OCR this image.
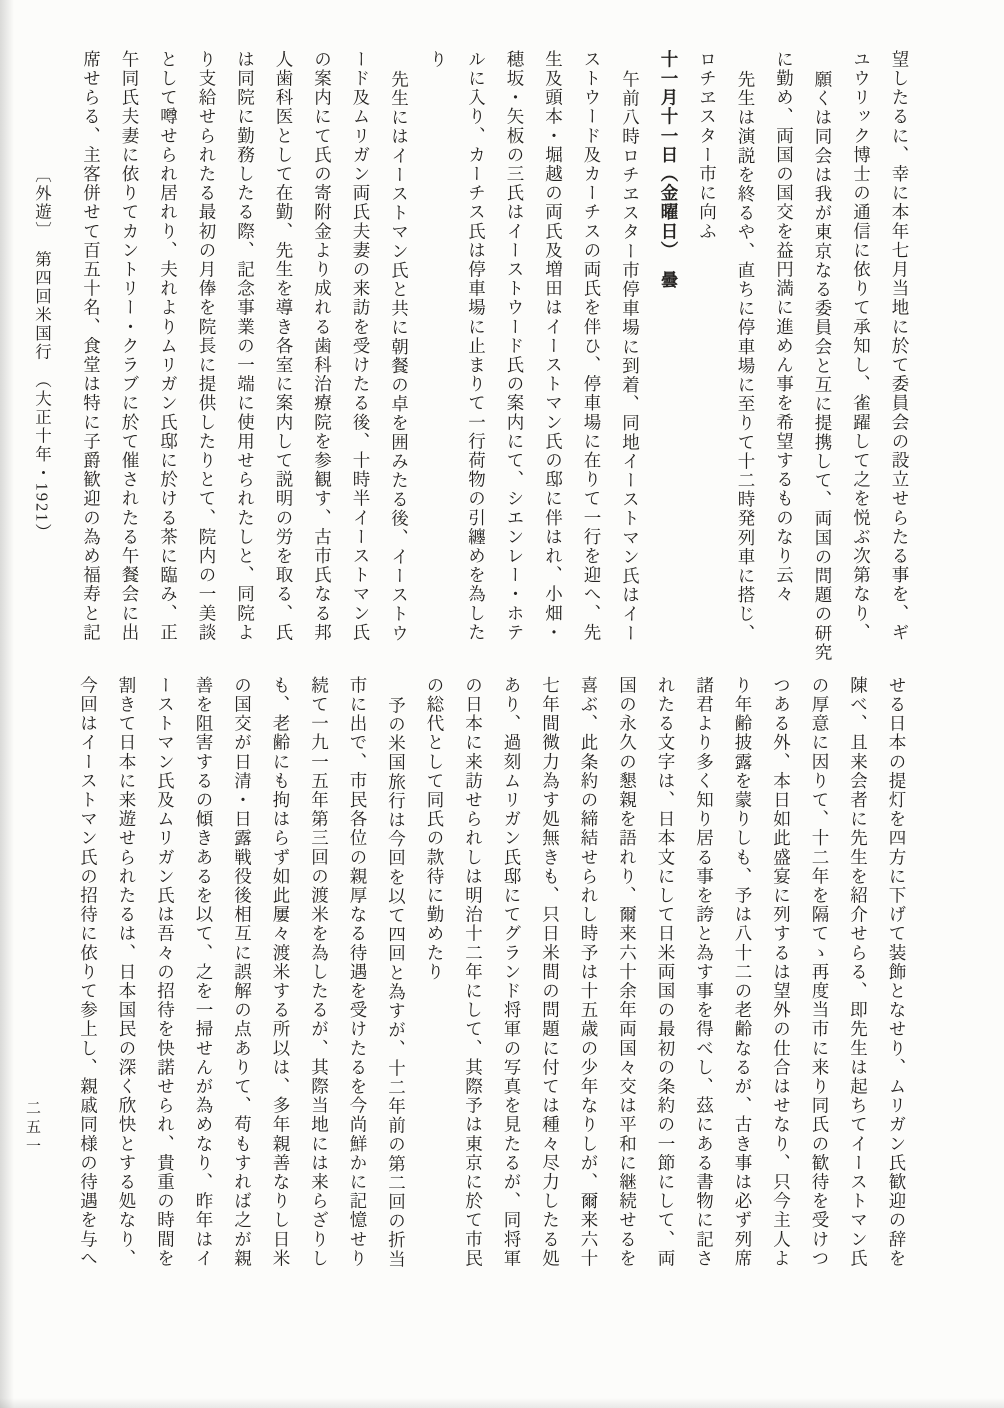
望したるに、幸に本年七月当地に於て委員会の設立せらたる事を、ギ
ユウリック博士の通信に依りて承知し、雀躍して之を悦ぶ次第なり、
願くは同会は我が東京なる委員会と互に提携して、両国の問題の研究
に勤め、両国の国交を益円満に進めん事を希望するものなり云々
先生は演説を終るや、直ちに停車場に至りて十二時発列車に搭じ、
ロチヱスター市に向ふ
十一月十一日（金曜日）　曇
午前八時ロチヱスター市停車場に到着、同地イーストマン氏はイー
ストウード及カーチスの両氏を伴ひ、停車場に在りて一行を迎へ、先
生及頭本・堀越の両氏及増田はイーストマン氏の邸に伴はれ、小畑・
穂坂・矢板の三氏はイーストウード氏の案内にて、シエンレー・ホテ
ルに入り、カーチス氏は停車場に止まりて一行荷物の引纏めを為した
り
先生にはイーストマン氏と共に朝餐の卓を囲みたる後、イーストウ
ード及ムリガン両氏夫妻の来訪を受けたる後、十時半イーストマン氏
の案内にて氏の寄附金より成れる歯科治療院を参観す、古市氏なる邦
人歯科医として在勤、先生を導き各室に案内して説明の労を取る、氏
は同院に勤務したる際、記念事業の一端に使用せられたしと、同院よ
り支給せられたる最初の月俸を院長に提供したりとて、院内の一美談
として噂せられ居れり、夫れよりムリガン氏邸に於ける茶に臨み、正
午同氏夫妻に依りてカントリー・クラブに於て催されたる午餐会に出
席せらる、主客併せて百五十名、食堂は特に子爵歓迎の為め福寿と記
せる日本の提灯を四方に下げて装飾となせり、ムリガン氏歓迎の辞を
陳べ、且来会者に先生を紹介せらる、即先生は起ちてイーストマン氏
の厚意に因りて、十二年を隔てゝ再度当市に来り同氏の歓待を受けつ
つある外、本日如此盛宴に列するは望外の仕合はせなり、只今主人よ
り年齢披露を蒙りしも、予は八十二の老齢なるが、古き事は必ず列席
諸君より多く知り居る事を誇と為す事を得べし、茲にある書物に記さ
れたる文字は、日本文にして日米両国の最初の条約の一節にして、両
国の永久の懇親を語れり、爾来六十余年両国々交は平和に継続せるを
喜ぶ、此条約の締結せられし時予は十五歳の少年なりしが、爾来六十
七年間微力為す処無きも、只日米間の問題に付ては種々尽力したる処
あり、過刻ムリガン氏邸にてグランド将軍の写真を見たるが、同将軍
の日本に来訪せられしは明治十二年にして、其際予は東京に於て市民
の総代として同氏の款待に勤めたり
予の米国旅行は今回を以て四回と為すが、十二年前の第二回の折当
市に出で、市民各位の親厚なる待遇を受けたるを今尚鮮かに記憶せり
続て一九一五年第三回の渡米を為したるが、其際当地には来らざりし
も、老齢にも拘はらず如此屢々渡米する所以は、多年親善なりし日米
の国交が日清・日露戦役後相互に誤解の点ありて、苟もすれば之が親
善を阻害するの傾きあるを以て、之を一掃せんが為めなり、昨年はイ
ーストマン氏及ムリガン氏は吾々の招待を快諾せられ、貴重の時間を
割きて日本に来遊せられたるは、日本国民の深く欣快とする処なり、
今回はイーストマン氏の招待に依りて参上し、親戚同様の待遇を与へ
〔外遊〕　第四回米国行　（大正十年・1921）
二五一
